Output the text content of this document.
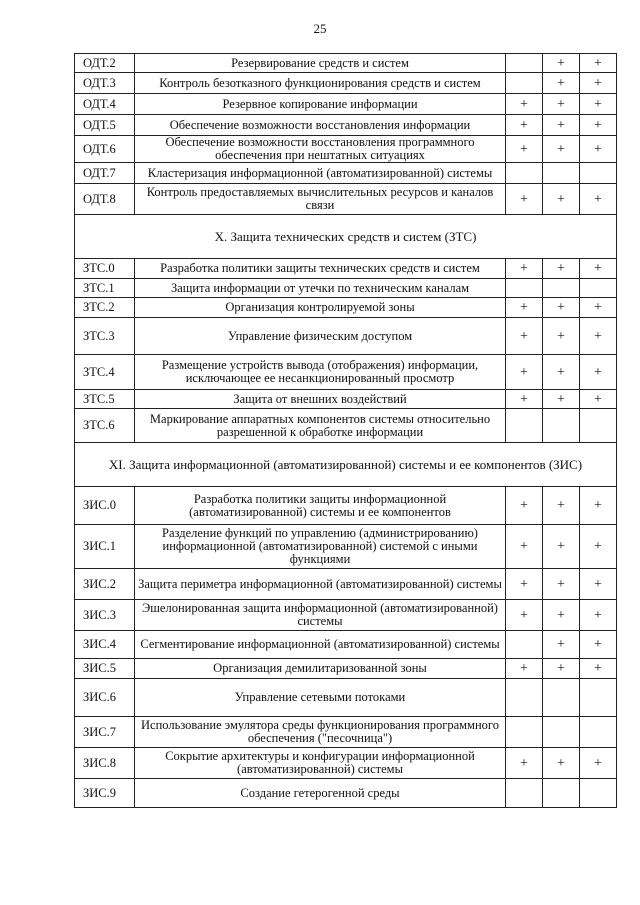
25
ОДТ.2	Резервирование средств и систем		+	+
ОДТ.3	Контроль безотказного функционирования средств и систем		+	+
ОДТ.4	Резервное копирование информации	+	+	+
ОДТ.5	Обеспечение возможности восстановления информации	+	+	+
ОДТ.6	Обеспечение возможности восстановления программного обеспечения при нештатных ситуациях	+	+	+
ОДТ.7	Кластеризация информационной (автоматизированной) системы			
ОДТ.8	Контроль предоставляемых вычислительных ресурсов и каналов связи	+	+	+
X. Защита технических средств и систем (ЗТС)				
ЗТС.0	Разработка политики защиты технических средств и систем	+	+	+
ЗТС.1	Защита информации от утечки по техническим каналам			
ЗТС.2	Организация контролируемой зоны	+	+	+
ЗТС.3	Управление физическим доступом	+	+	+
ЗТС.4	Размещение устройств вывода (отображения) информации, исключающее ее несанкционированный просмотр	+	+	+
ЗТС.5	Защита от внешних воздействий	+	+	+
ЗТС.6	Маркирование аппаратных компонентов системы относительно разрешенной к обработке информации			
XI. Защита информационной (автоматизированной) системы и ее компонентов (ЗИС)				
ЗИС.0	Разработка политики защиты информационной (автоматизированной) системы и ее компонентов	+	+	+
ЗИС.1	Разделение функций по управлению (администрированию) информационной (автоматизированной) системой с иными функциями	+	+	+
ЗИС.2	Защита периметра информационной (автоматизированной) системы	+	+	+
ЗИС.3	Эшелонированная защита информационной (автоматизированной) системы	+	+	+
ЗИС.4	Сегментирование информационной (автоматизированной) системы		+	+
ЗИС.5	Организация демилитаризованной зоны	+	+	+
ЗИС.6	Управление сетевыми потоками			
ЗИС.7	Использование эмулятора среды функционирования программного обеспечения ("песочница")			
ЗИС.8	Сокрытие архитектуры и конфигурации информационной (автоматизированной) системы	+	+	+
ЗИС.9	Создание гетерогенной среды			
